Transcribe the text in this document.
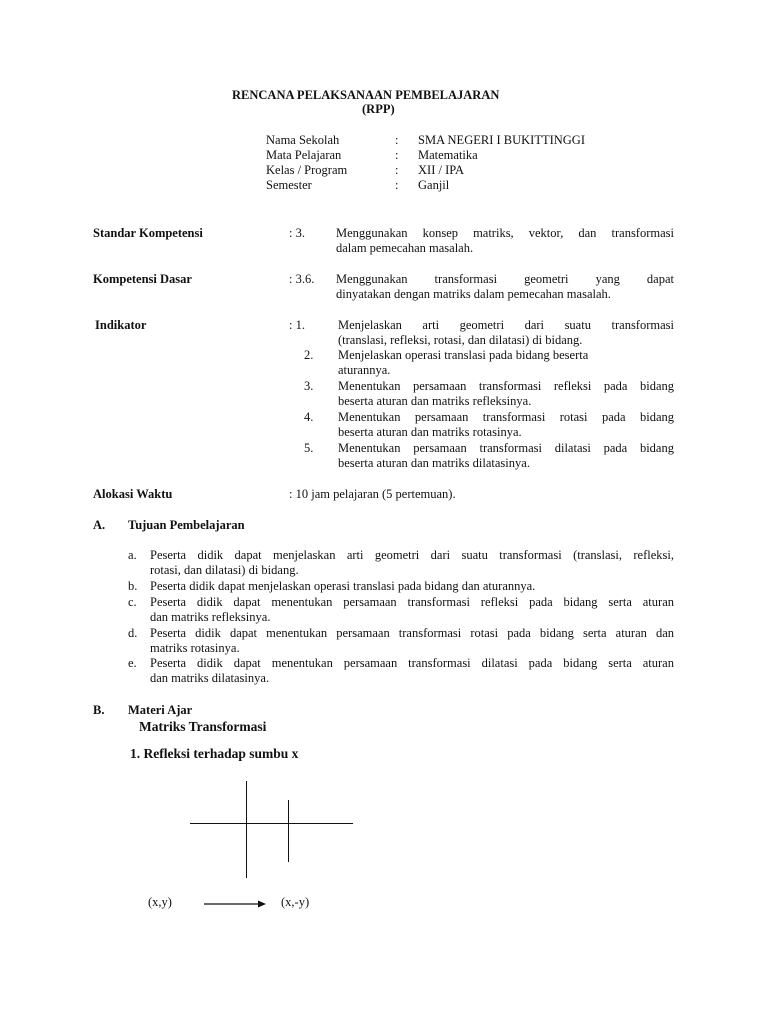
RENCANA PELAKSANAAN PEMBELAJARAN
(RPP)
Nama Sekolah	: SMA NEGERI I BUKITTINGGI
Mata Pelajaran	: Matematika
Kelas / Program	: XII / IPA
Semester	: Ganjil
Standar Kompetensi	: 3. Menggunakan konsep matriks, vektor, dan transformasi
dalam pemecahan masalah.
Kompetensi Dasar	: 3.6. Menggunakan transformasi geometri yang dapat
dinyatakan dengan matriks dalam pemecahan masalah.
Indikator	: 1.	Menjelaskan arti geometri dari suatu transformasi
(translasi, refleksi, rotasi, dan dilatasi) di bidang.
2. Menjelaskan operasi translasi pada bidang beserta
aturannya.
3. Menentukan persamaan transformasi refleksi pada bidang
beserta aturan dan matriks refleksinya.
4. Menentukan persamaan transformasi rotasi pada bidang
beserta aturan dan matriks rotasinya.
5. Menentukan persamaan transformasi dilatasi pada bidang
beserta aturan dan matriks dilatasinya.
Alokasi Waktu	: 10 jam pelajaran (5 pertemuan).
A. Tujuan Pembelajaran
a. Peserta didik dapat menjelaskan arti geometri dari suatu transformasi (translasi, refleksi,
rotasi, dan dilatasi) di bidang.
b. Peserta didik dapat menjelaskan operasi translasi pada bidang dan aturannya.
c. Peserta didik dapat menentukan persamaan transformasi refleksi pada bidang serta aturan
dan matriks refleksinya.
d. Peserta didik dapat menentukan persamaan transformasi rotasi pada bidang serta aturan dan
matriks rotasinya.
e. Peserta didik dapat menentukan persamaan transformasi dilatasi pada bidang serta aturan
dan matriks dilatasinya.
B. Materi Ajar
Matriks Transformasi
1. Refleksi terhadap sumbu x
(x,y)	(x,-y)
